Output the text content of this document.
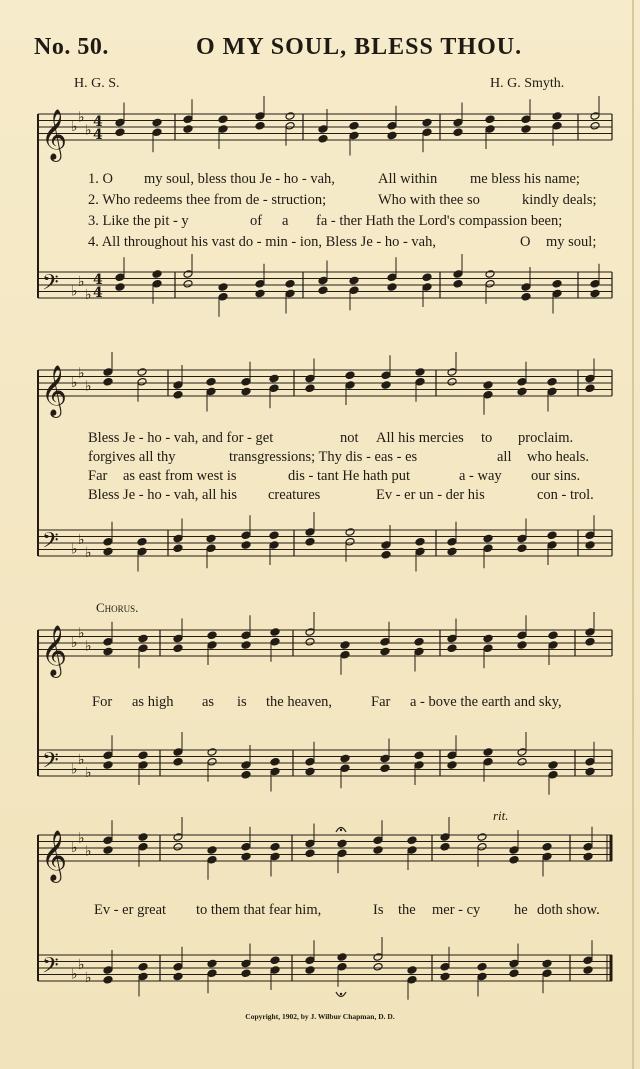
No. 50.	O MY SOUL, BLESS THOU.
H. G. S.	H. G. Smyth.
𝄞 ♭
♭
♭
4
4
𝄢 ♭
♭
♭
4
4
𝄞 ♭
♭
♭
𝄢 ♭
♭
♭
𝄞 ♭
♭
♭
𝄢 ♭
♭
♭
𝄞 ♭
♭
♭
𝄢 ♭
♭
♭
1. O my soul, bless thou Je - ho - vah,	All within me bless his name;
2. Who redeems thee from de - struction;	Who with thee so	kindly deals;
3. Like the pit - y	of a fa - ther Hath the Lord's compassion been;
4. All throughout his vast do - min - ion, Bless Je - ho - vah,	O my soul;
Bless Je - ho - vah, and for - get	not All his mercies to proclaim.
forgives all thy	transgressions; Thy dis - eas - es	all who heals.
Far as east from west is	dis - tant He hath put	a - way our sins.
Bless Je - ho - vah, all his creatures	Ev - er un - der his	con - trol.
Chorus.
For as high as is the heaven,	Far a - bove the earth and sky,
rit.
Ev - er great to them that fear him,	Is the mer - cy he doth show.
Copyright, 1902, by J. Wilbur Chapman, D. D.
